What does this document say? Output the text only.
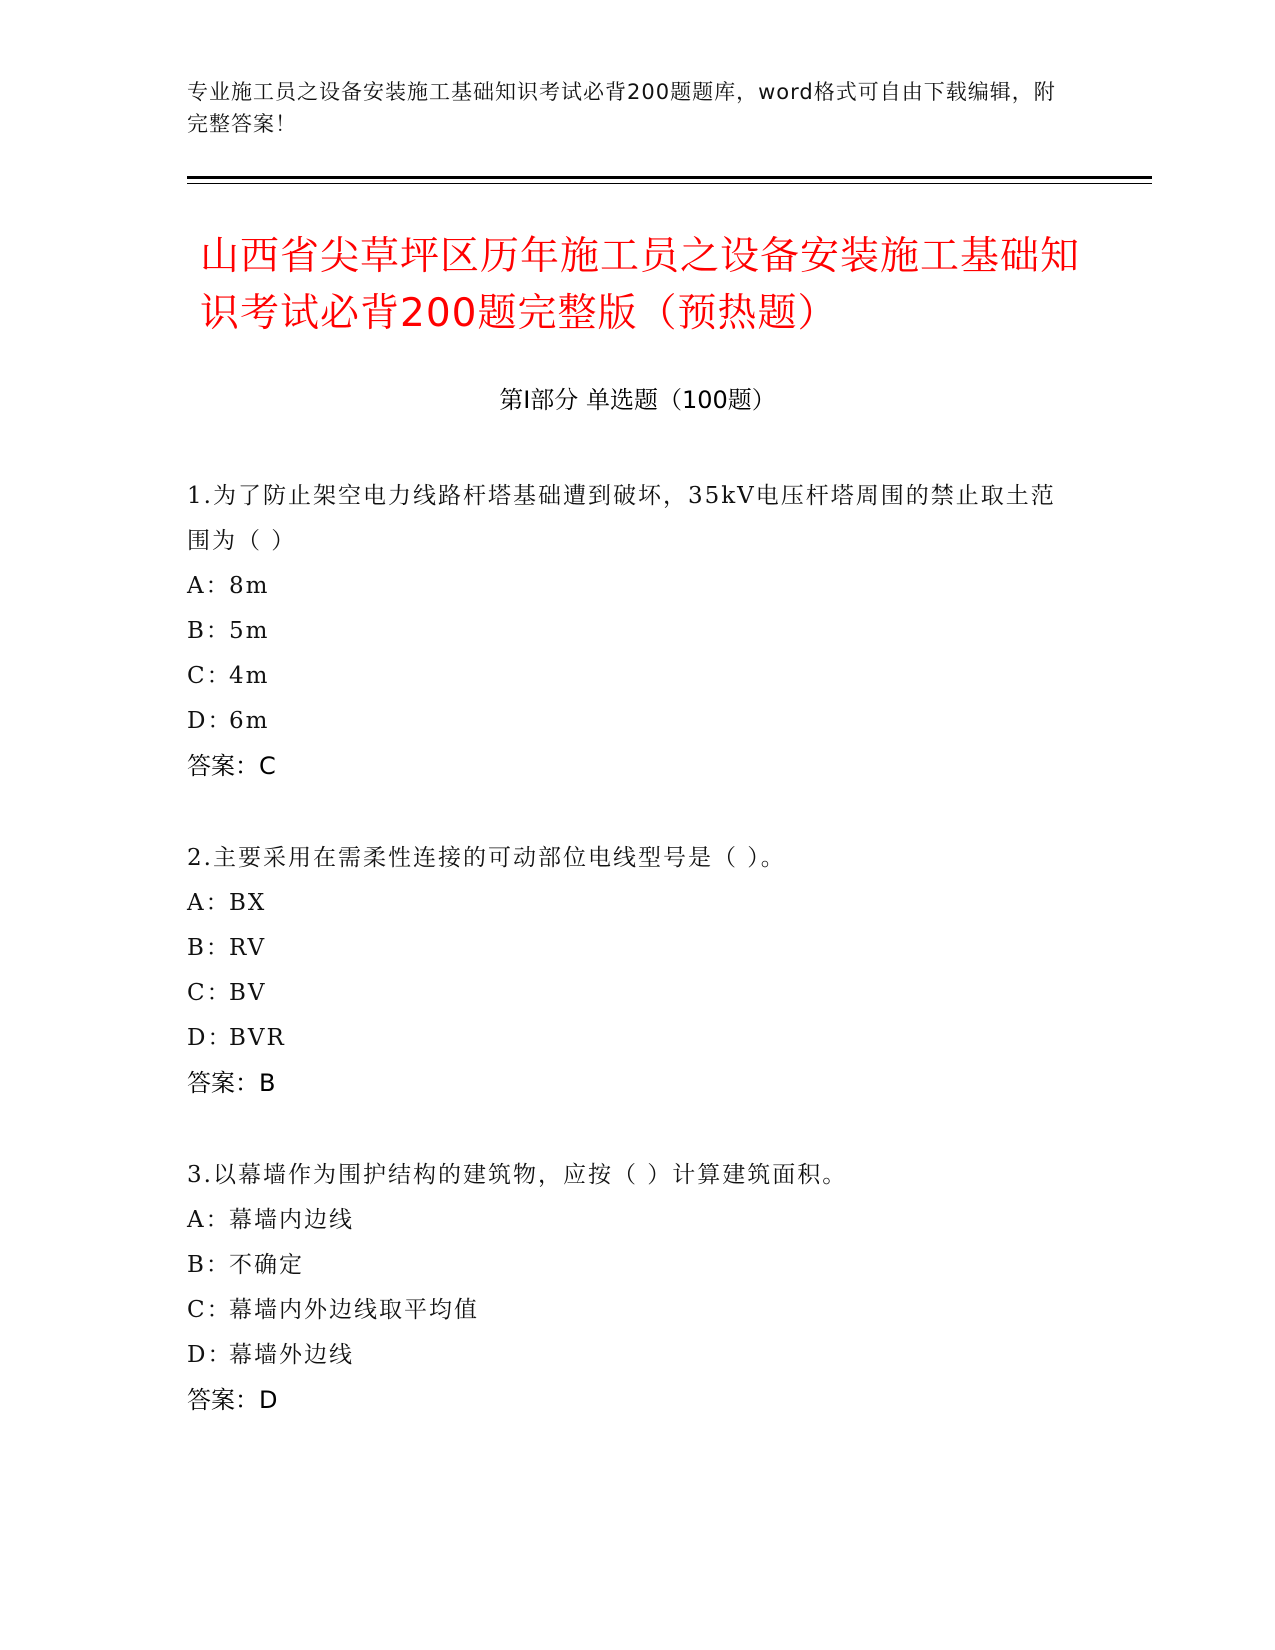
专业施工员之设备安装施工基础知识考试必背200题题库，word格式可自由下载编辑，附完整答案！
山西省尖草坪区历年施工员之设备安装施工基础知识考试必背200题完整版（预热题）
第I部分 单选题（100题）
1.为了防止架空电力线路杆塔基础遭到破坏，35kV电压杆塔周围的禁止取土范围为（ ）
A：8m
B：5m
C：4m
D：6m
答案：C
2.主要采用在需柔性连接的可动部位电线型号是（ ）。
A：BX
B：RV
C：BV
D：BVR
答案：B
3.以幕墙作为围护结构的建筑物，应按（ ）计算建筑面积。
A：幕墙内边线
B：不确定
C：幕墙内外边线取平均值
D：幕墙外边线
答案：D
